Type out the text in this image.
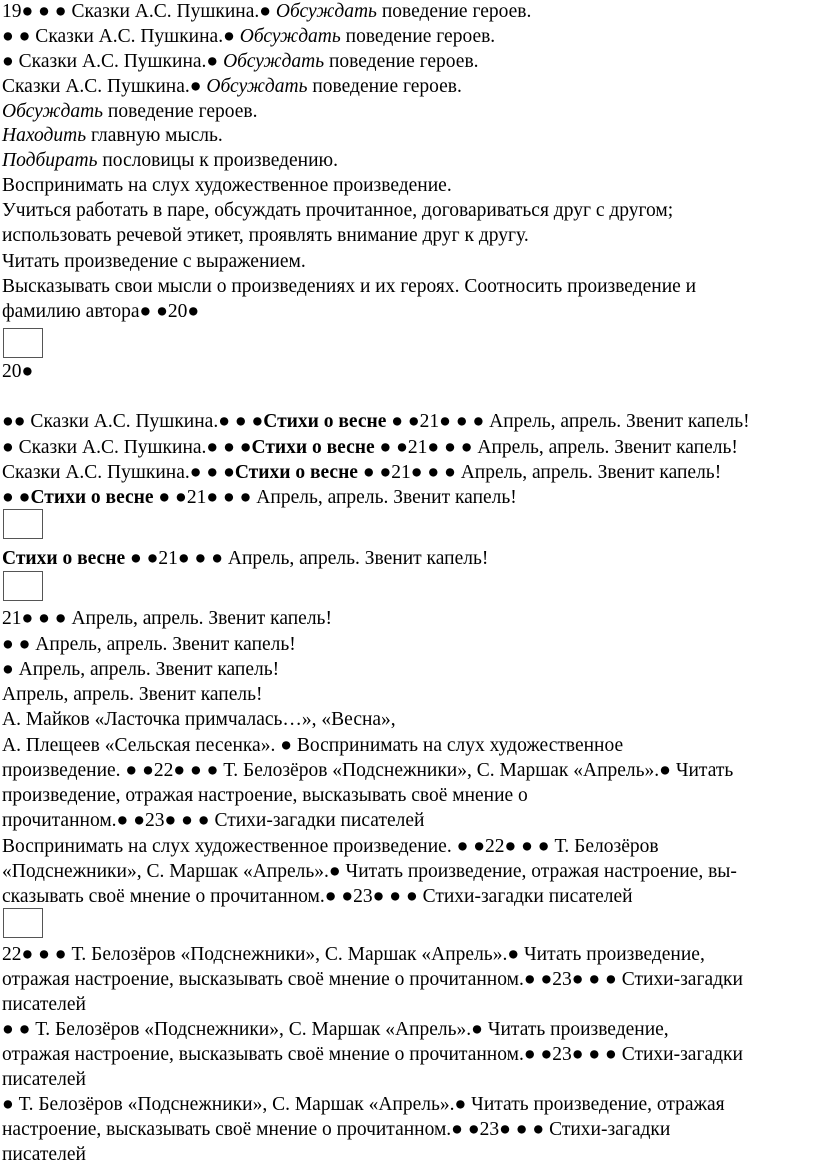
19● ● ● Сказки А.С. Пушкина.● Обсуждать поведение героев.
● ● Сказки А.С. Пушкина.● Обсуждать поведение героев.
● Сказки А.С. Пушкина.● Обсуждать поведение героев.
Сказки А.С. Пушкина.● Обсуждать поведение героев.
Обсуждать поведение героев.
Находить главную мысль.
Подбирать пословицы к произведению.
Воспринимать на слух художественное произведение.
Учиться работать в паре, обсуждать прочитанное, договариваться друг с другом;
использовать речевой этикет, проявлять внимание друг к другу.
Читать произведение с выражением.
Высказывать свои мысли о произведениях и их героях. Соотносить произведение и
фамилию автора● ●20●
20●
●● Сказки А.С. Пушкина.● ● ●Стихи о весне ● ●21● ● ● Апрель, апрель. Звенит капель!
● Сказки А.С. Пушкина.● ● ●Стихи о весне ● ●21● ● ● Апрель, апрель. Звенит капель!
Сказки А.С. Пушкина.● ● ●Стихи о весне ● ●21● ● ● Апрель, апрель. Звенит капель!
● ●Стихи о весне ● ●21● ● ● Апрель, апрель. Звенит капель!
Стихи о весне ● ●21● ● ● Апрель, апрель. Звенит капель!
21● ● ● Апрель, апрель. Звенит капель!
● ● Апрель, апрель. Звенит капель!
● Апрель, апрель. Звенит капель!
Апрель, апрель. Звенит капель!
А. Майков «Ласточка примчалась…», «Весна»,
А. Плещеев «Сельская песенка». ● Воспринимать на слух художественное
произведение. ● ●22● ● ● Т. Белозёров «Подснежники», С. Маршак «Апрель».● Читать
произведение, отражая настроение, высказывать своё мнение о
прочитанном.● ●23● ● ● Стихи-загадки писателей
Воспринимать на слух художественное произведение. ● ●22● ● ● Т. Белозёров
«Подснежники», С. Маршак «Апрель».● Читать произведение, отражая настроение, вы-
сказывать своё мнение о прочитанном.● ●23● ● ● Стихи-загадки писателей
22● ● ● Т. Белозёров «Подснежники», С. Маршак «Апрель».● Читать произведение,
отражая настроение, высказывать своё мнение о прочитанном.● ●23● ● ● Стихи-загадки
писателей
● ● Т. Белозёров «Подснежники», С. Маршак «Апрель».● Читать произведение,
отражая настроение, высказывать своё мнение о прочитанном.● ●23● ● ● Стихи-загадки
писателей
● Т. Белозёров «Подснежники», С. Маршак «Апрель».● Читать произведение, отражая
настроение, высказывать своё мнение о прочитанном.● ●23● ● ● Стихи-загадки
писателей
